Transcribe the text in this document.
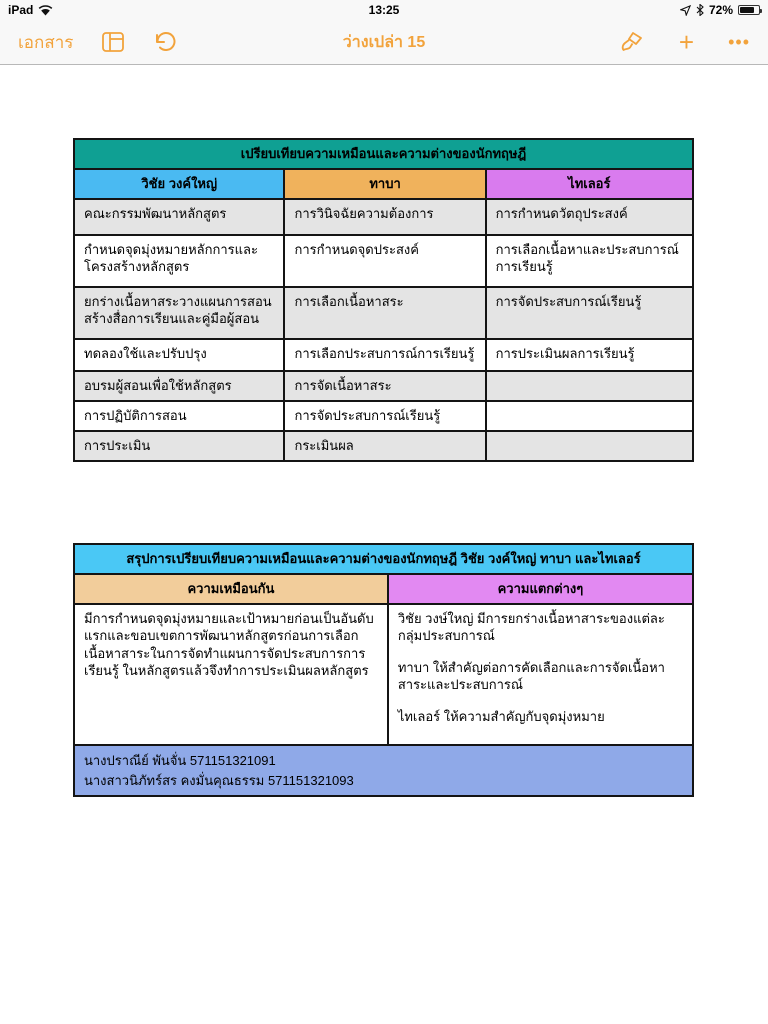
iPad	13:25	72%
เอกสาร	ว่างเปล่า 15	+ •••
เปรียบเทียบความเหมือนและความต่างของนักทฤษฎี		
วิชัย วงค์ใหญ่	ทาบา	ไทเลอร์
คณะกรรมพัฒนาหลักสูตร	การวินิจฉัยความต้องการ	การกำหนดวัตถุประสงค์
กำหนดจุดมุ่งหมายหลักการและโครงสร้างหลักสูตร	การกำหนดจุดประสงค์	การเลือกเนื้อหาและประสบการณ์การเรียนรู้
ยกร่างเนื้อหาสระวางแผนการสอน สร้างสื่อการเรียนและคู่มือผู้สอน	การเลือกเนื้อหาสระ	การจัดประสบการณ์เรียนรู้
ทดลองใช้และปรับปรุง	การเลือกประสบการณ์การเรียนรู้	การประเมินผลการเรียนรู้
อบรมผู้สอนเพื่อใช้หลักสูตร	การจัดเนื้อหาสระ	
การปฏิบัติการสอน	การจัดประสบการณ์เรียนรู้	
การประเมิน	กระเมินผล	
สรุปการเปรียบเทียบความเหมือนและความต่างของนักทฤษฎี วิชัย วงค์ใหญ่ ทาบา และไทเลอร์	
ความเหมือนกัน	ความแตกต่างๆ
มีการกำหนดจุดมุ่งหมายและเป้าหมายก่อนเป็นอันดับแรกและขอบเขตการพัฒนาหลักสูตรก่อนการเลือกเนื้อหาสาระในการจัดทำแผนการจัดประสบการการเรียนรู้ ในหลักสูตรแล้วจึงทำการประเมินผลหลักสูตร	วิชัย วงษ์ใหญ่ มีการยกร่างเนื้อหาสาระของแต่ละกลุ่มประสบการณ์

ทาบา ให้สำคัญต่อการคัดเลือกและการจัดเนื้อหา สาระและประสบการณ์

ไทเลอร์ ให้ความสำคัญกับจุดมุ่งหมาย

นางปราณีย์ พันจั่น 571151321091
นางสาวนิภัทร์สร คงมั่นคุณธรรม 571151321093	
